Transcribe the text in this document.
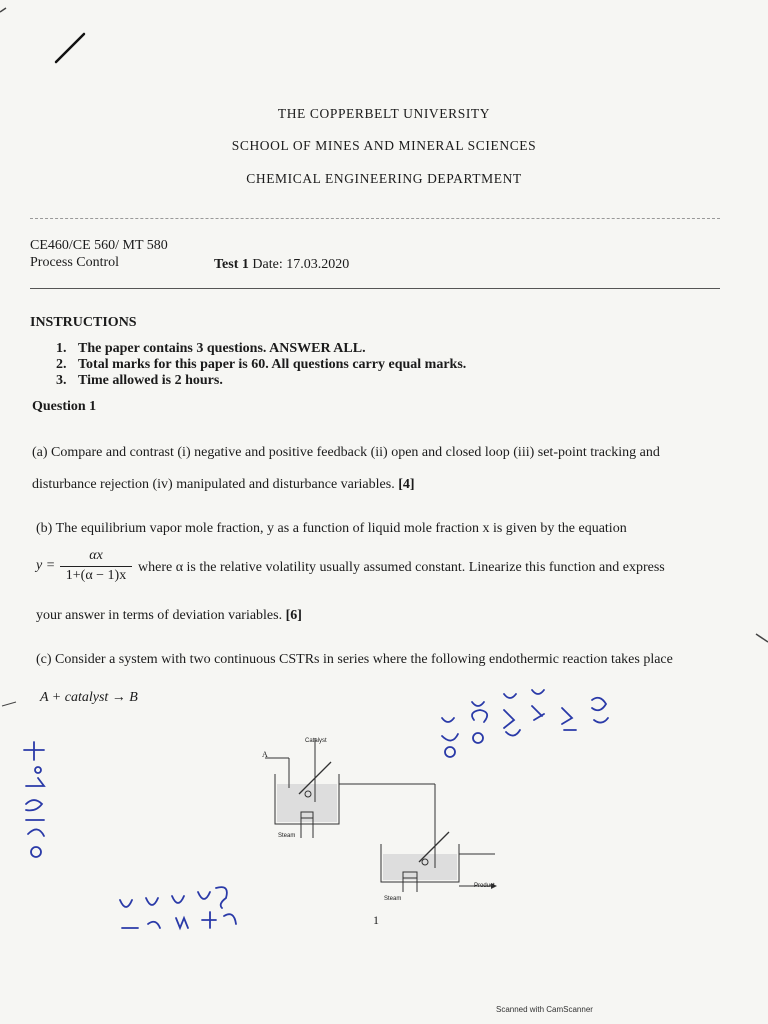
THE COPPERBELT UNIVERSITY
SCHOOL OF MINES AND MINERAL SCIENCES
CHEMICAL ENGINEERING DEPARTMENT
CE460/CE 560/ MT 580
Process Control	Test 1 Date: 17.03.2020
INSTRUCTIONS
1. The paper contains 3 questions. ANSWER ALL.
2. Total marks for this paper is 60. All questions carry equal marks.
3. Time allowed is 2 hours.
Question 1
(a) Compare and contrast (i) negative and positive feedback (ii) open and closed loop (iii) set-point tracking and
disturbance rejection (iv) manipulated and disturbance variables. [4]
(b) The equilibrium vapor mole fraction, y as a function of liquid mole fraction x is given by the equation
y =
αx
1+(α − 1)x
where α is the relative volatility usually assumed constant. Linearize this function and express
your answer in terms of deviation variables. [6]
(c) Consider a system with two continuous CSTRs in series where the following endothermic reaction takes place
A + catalyst → B
A
Catalyst
Steam
Steam
Product
1
Scanned with CamScanner
